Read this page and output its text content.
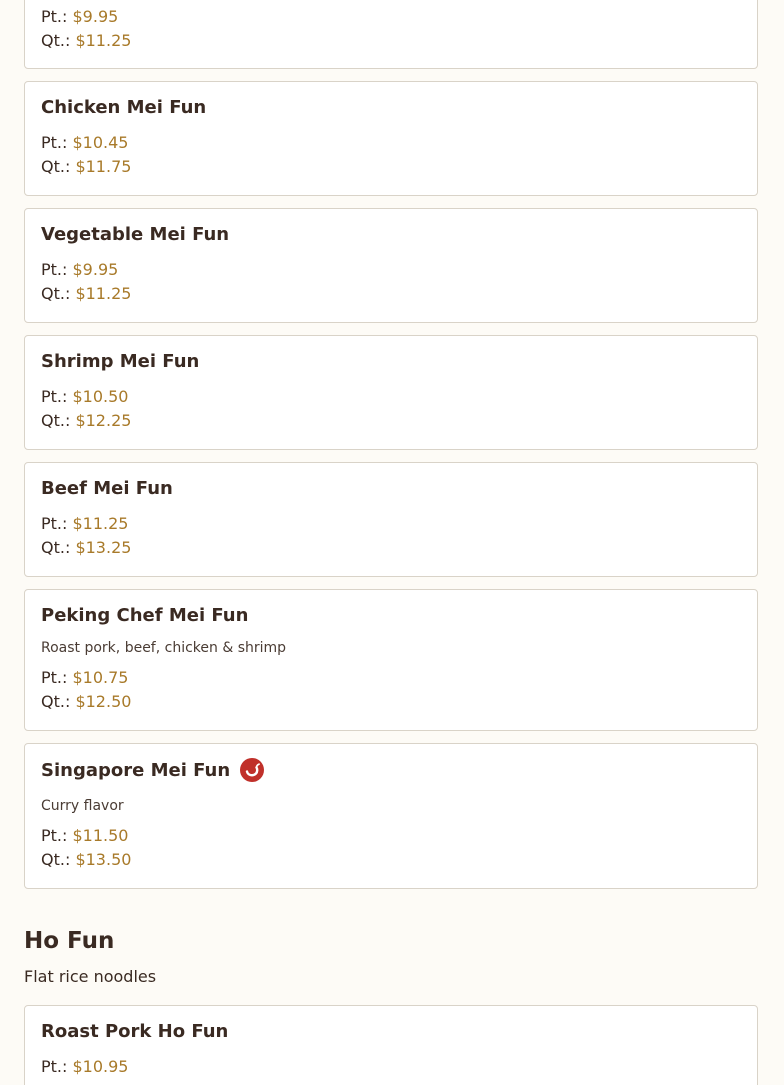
Pt.: $9.95
Qt.: $11.25
Chicken Mei Fun
Pt.: $10.45
Qt.: $11.75
Vegetable Mei Fun
Pt.: $9.95
Qt.: $11.25
Shrimp Mei Fun
Pt.: $10.50
Qt.: $12.25
Beef Mei Fun
Pt.: $11.25
Qt.: $13.25
Peking Chef Mei Fun
Roast pork, beef, chicken & shrimp
Pt.: $10.75
Qt.: $12.50
Singapore Mei Fun
Curry flavor
Pt.: $11.50
Qt.: $13.50
Ho Fun
Flat rice noodles
Roast Pork Ho Fun
Pt.: $10.95
